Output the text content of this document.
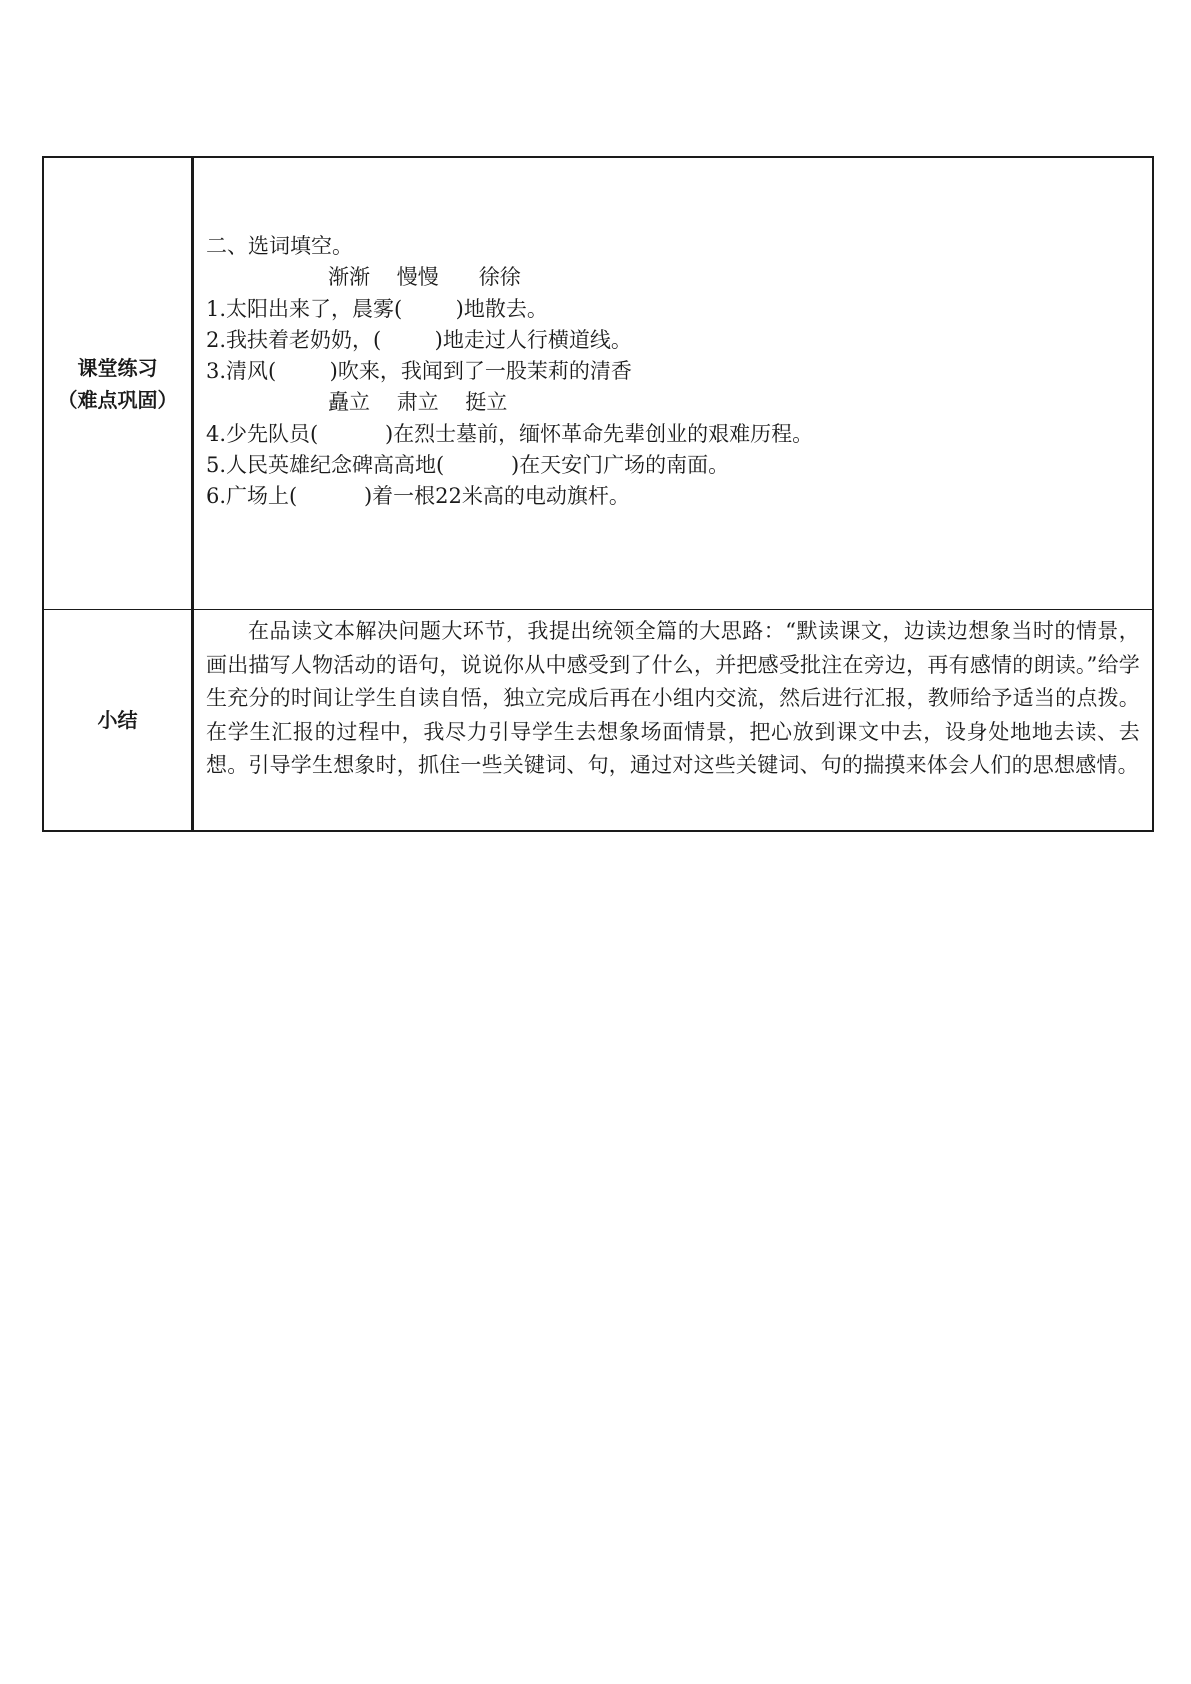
课堂练习
（难点巩固）
二、选词填空。
渐渐    慢慢      徐徐
1.太阳出来了，晨雾(        )地散去。
2.我扶着老奶奶，(        )地走过人行横道线。
3.清风(        )吹来，我闻到了一股茉莉的清香
矗立    肃立    挺立
4.少先队员(          )在烈士墓前，缅怀革命先辈创业的艰难历程。
5.人民英雄纪念碑高高地(          )在天安门广场的南面。
6.广场上(          )着一根22米高的电动旗杆。
小结
在品读文本解决问题大环节，我提出统领全篇的大思路：“默读课文，边读边想象当时的情景，画出描写人物活动的语句，说说你从中感受到了什么，并把感受批注在旁边，再有感情的朗读。”给学生充分的时间让学生自读自悟，独立完成后再在小组内交流，然后进行汇报，教师给予适当的点拨。在学生汇报的过程中，我尽力引导学生去想象场面情景，把心放到课文中去，设身处地地去读、去想。引导学生想象时，抓住一些关键词、句，通过对这些关键词、句的揣摸来体会人们的思想感情。
